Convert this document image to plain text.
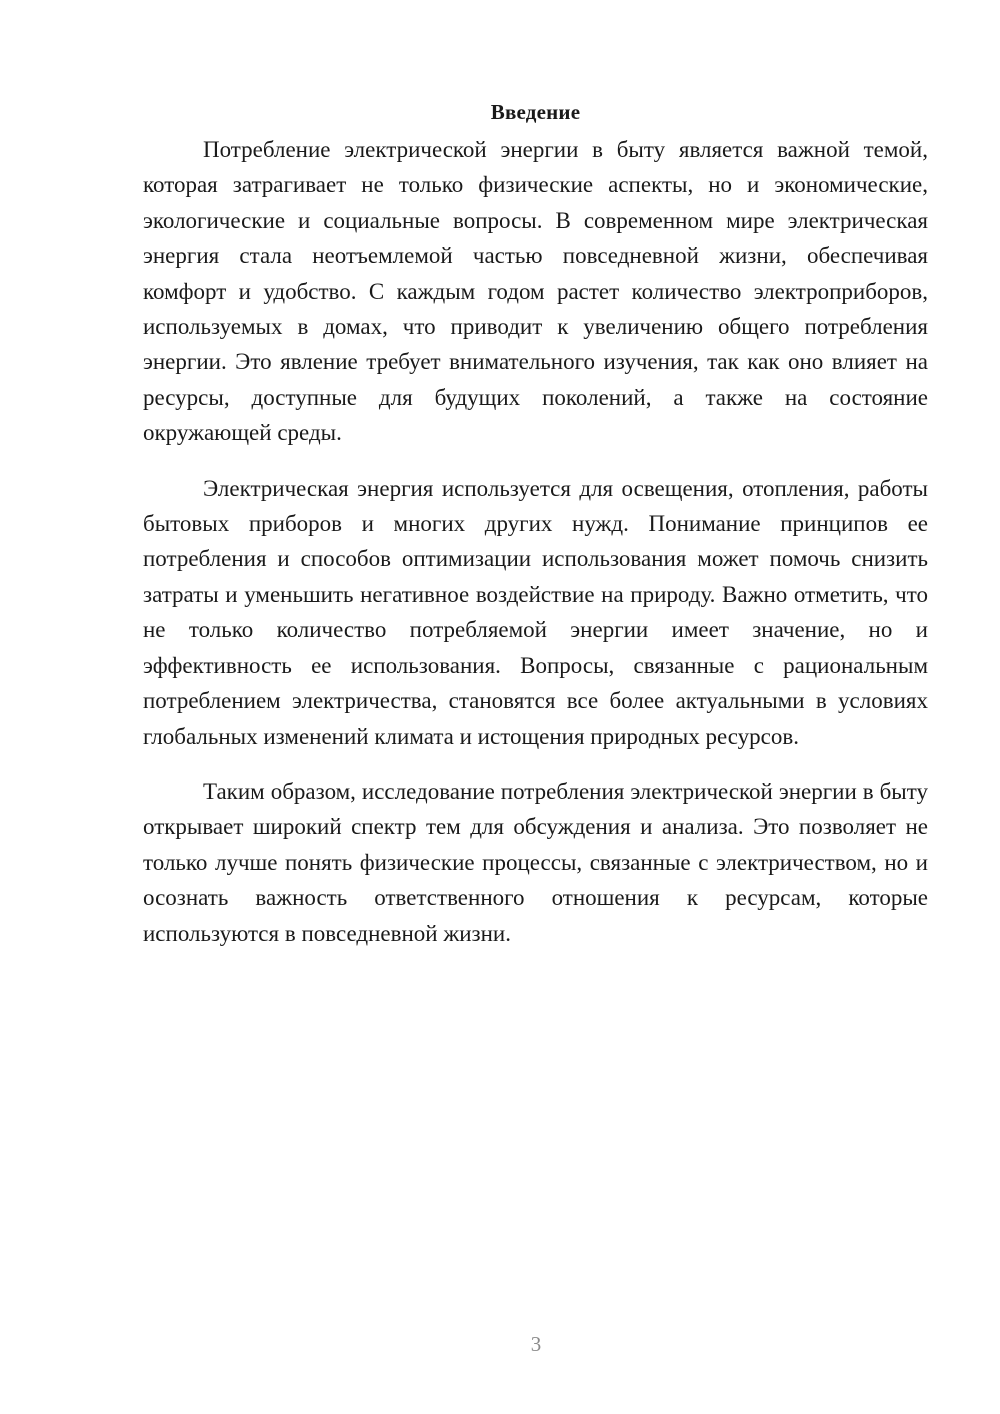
Введение

Потребление электрической энергии в быту является важной темой, которая затрагивает не только физические аспекты, но и экономические, экологические и социальные вопросы. В современном мире электрическая энергия стала неотъемлемой частью повседневной жизни, обеспечивая комфорт и удобство. С каждым годом растет количество электроприборов, используемых в домах, что приводит к увеличению общего потребления энергии. Это явление требует внимательного изучения, так как оно влияет на ресурсы, доступные для будущих поколений, а также на состояние окружающей среды.

Электрическая энергия используется для освещения, отопления, работы бытовых приборов и многих других нужд. Понимание принципов ее потребления и способов оптимизации использования может помочь снизить затраты и уменьшить негативное воздействие на природу. Важно отметить, что не только количество потребляемой энергии имеет значение, но и эффективность ее использования. Вопросы, связанные с рациональным потреблением электричества, становятся все более актуальными в условиях глобальных изменений климата и истощения природных ресурсов.

Таким образом, исследование потребления электрической энергии в быту открывает широкий спектр тем для обсуждения и анализа. Это позволяет не только лучше понять физические процессы, связанные с электричеством, но и осознать важность ответственного отношения к ресурсам, которые используются в повседневной жизни.

3
